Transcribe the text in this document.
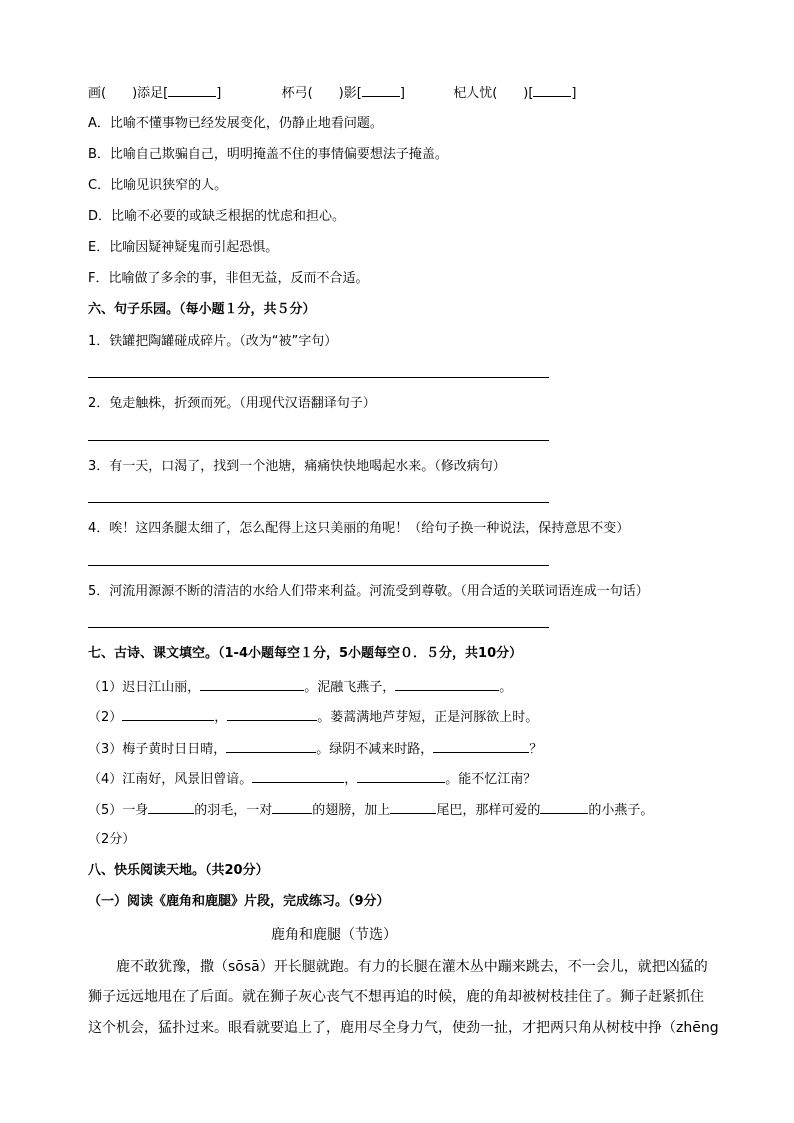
画(　　)添足[	]	杯弓(　　)影[	]	杞人忧(　　)[	]
A．比喻不懂事物已经发展变化，仍静止地看问题。
B．比喻自己欺骗自己，明明掩盖不住的事情偏要想法子掩盖。
C．比喻见识狭窄的人。
D．比喻不必要的或缺乏根据的忧虑和担心。
E．比喻因疑神疑鬼而引起恐惧。
F．比喻做了多余的事，非但无益，反而不合适。
六、句子乐园。（每小题１分，共５分）
1．铁罐把陶罐碰成碎片。（改为“被”字句）
2．兔走触株，折颈而死。（用现代汉语翻译句子）
3．有一天，口渴了，找到一个池塘，痛痛快快地喝起水来。（修改病句）
4．唉！这四条腿太细了，怎么配得上这只美丽的角呢！（给句子换一种说法，保持意思不变）
5．河流用源源不断的清洁的水给人们带来利益。河流受到尊敬。（用合适的关联词语连成一句话）
七、古诗、课文填空。（1-4小题每空１分，5小题每空０．５分，共10分）
（1）迟日江山丽，	。泥融飞燕子，	。
（2）	，	。蒌蒿满地芦芽短，正是河豚欲上时。
（3）梅子黄时日日晴，	。绿阴不减来时路，	？
（4）江南好，风景旧曾谙。	，	。能不忆江南？
（5）一身	的羽毛，一对	的翅膀，加上	尾巴，那样可爱的	的小燕子。
（2分）
八、快乐阅读天地。（共20分）
（一）阅读《鹿角和鹿腿》片段，完成练习。（9分）
鹿角和鹿腿（节选）
鹿不敢犹豫，撒（sōsā）开长腿就跑。有力的长腿在灌木丛中蹦来跳去，不一会儿，就把凶猛的
狮子远远地甩在了后面。就在狮子灰心丧气不想再追的时候，鹿的角却被树枝挂住了。狮子赶紧抓住
这个机会，猛扑过来。眼看就要追上了，鹿用尽全身力气，使劲一扯，才把两只角从树枝中挣（zhēng
